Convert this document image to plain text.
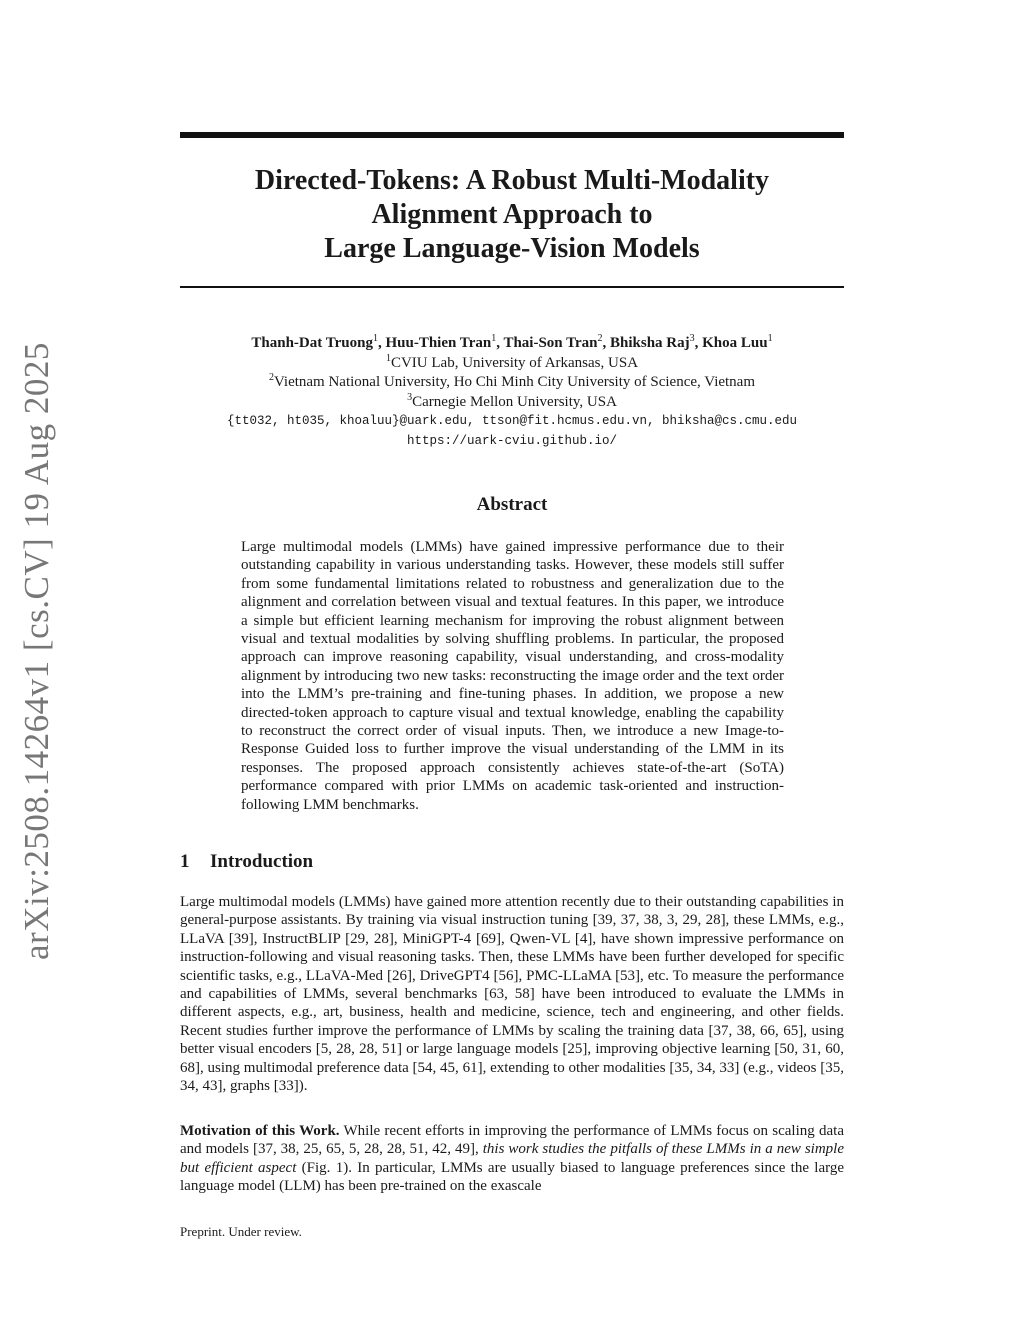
arXiv:2508.14264v1 [cs.CV] 19 Aug 2025
Directed-Tokens: A Robust Multi-Modality
Alignment Approach to
Large Language-Vision Models
Thanh-Dat Truong$^1$, Huu-Thien Tran$^1$, Thai-Son Tran$^2$, Bhiksha Raj$^3$, Khoa Luu$^1$
$^1$CVIU Lab, University of Arkansas, USA
$^2$Vietnam National University, Ho Chi Minh City University of Science, Vietnam
$^3$Carnegie Mellon University, USA
{tt032, ht035, khoaluu}@uark.edu, ttson@fit.hcmus.edu.vn, bhiksha@cs.cmu.edu
https://uark-cviu.github.io/
Abstract

Large multimodal models (LMMs) have gained impressive performance due to their outstanding capability in various understanding tasks. However, these models still suffer from some fundamental limitations related to robustness and generalization due to the alignment and correlation between visual and textual features. In this paper, we introduce a simple but efficient learning mechanism for improving the robust alignment between visual and textual modalities by solving shuffling problems. In particular, the proposed approach can improve reasoning capability, visual understanding, and cross-modality alignment by introducing two new tasks: reconstructing the image order and the text order into the LMM’s pre-training and fine-tuning phases. In addition, we propose a new directed-token approach to capture visual and textual knowledge, enabling the capability to reconstruct the correct order of visual inputs. Then, we introduce a new Image-to-Response Guided loss to further improve the visual understanding of the LMM in its responses. The proposed approach consistently achieves state-of-the-art (SoTA) performance compared with prior LMMs on academic task-oriented and instruction-following LMM benchmarks.

1 Introduction

Large multimodal models (LMMs) have gained more attention recently due to their outstanding capabilities in general-purpose assistants. By training via visual instruction tuning [39, 37, 38, 3, 29, 28], these LMMs, e.g., LLaVA [39], InstructBLIP [29, 28], MiniGPT-4 [69], Qwen-VL [4], have shown impressive performance on instruction-following and visual reasoning tasks. Then, these LMMs have been further developed for specific scientific tasks, e.g., LLaVA-Med [26], DriveGPT4 [56], PMC-LLaMA [53], etc. To measure the performance and capabilities of LMMs, several benchmarks [63, 58] have been introduced to evaluate the LMMs in different aspects, e.g., art, business, health and medicine, science, tech and engineering, and other fields. Recent studies further improve the performance of LMMs by scaling the training data [37, 38, 66, 65], using better visual encoders [5, 28, 28, 51] or large language models [25], improving objective learning [50, 31, 60, 68], using multimodal preference data [54, 45, 61], extending to other modalities [35, 34, 33] (e.g., videos [35, 34, 43], graphs [33]).

Motivation of this Work. While recent efforts in improving the performance of LMMs focus on scaling data and models [37, 38, 25, 65, 5, 28, 28, 51, 42, 49], this work studies the pitfalls of these LMMs in a new simple but efficient aspect (Fig. 1). In particular, LMMs are usually biased to language preferences since the large language model (LLM) has been pre-trained on the exascale

Preprint. Under review.
